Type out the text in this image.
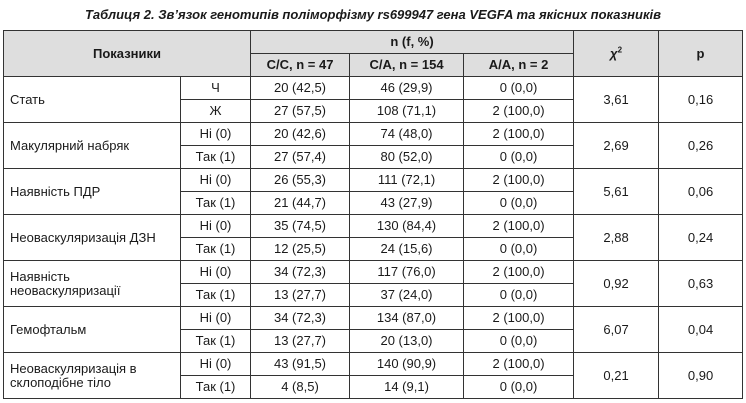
Таблиця 2. Зв’язок генотипів поліморфізму rs699947 гена VEGFA та якісних показників
Показники		n (f, %)			$\chi^2$	p
		C/C, n = 47	C/A, n = 154	A/A, n = 2		
Стать	Ч	20 (42,5)	46 (29,9)	0 (0,0)	3,61	0,16
	Ж	27 (57,5)	108 (71,1)	2 (100,0)		
Макулярний набряк	Ні (0)	20 (42,6)	74 (48,0)	2 (100,0)	2,69	0,26
	Так (1)	27 (57,4)	80 (52,0)	0 (0,0)		
Наявність ПДР	Ні (0)	26 (55,3)	111 (72,1)	2 (100,0)	5,61	0,06
	Так (1)	21 (44,7)	43 (27,9)	0 (0,0)		
Неоваскуляризація ДЗН	Ні (0)	35 (74,5)	130 (84,4)	2 (100,0)	2,88	0,24
	Так (1)	12 (25,5)	24 (15,6)	0 (0,0)		
Наявність неоваскуляризації	Ні (0)	34 (72,3)	117 (76,0)	2 (100,0)	0,92	0,63
	Так (1)	13 (27,7)	37 (24,0)	0 (0,0)		
Гемофтальм	Ні (0)	34 (72,3)	134 (87,0)	2 (100,0)	6,07	0,04
	Так (1)	13 (27,7)	20 (13,0)	0 (0,0)		
Неоваскуляризація в склоподібне тіло	Ні (0)	43 (91,5)	140 (90,9)	2 (100,0)	0,21	0,90
	Так (1)	4 (8,5)	14 (9,1)	0 (0,0)		
